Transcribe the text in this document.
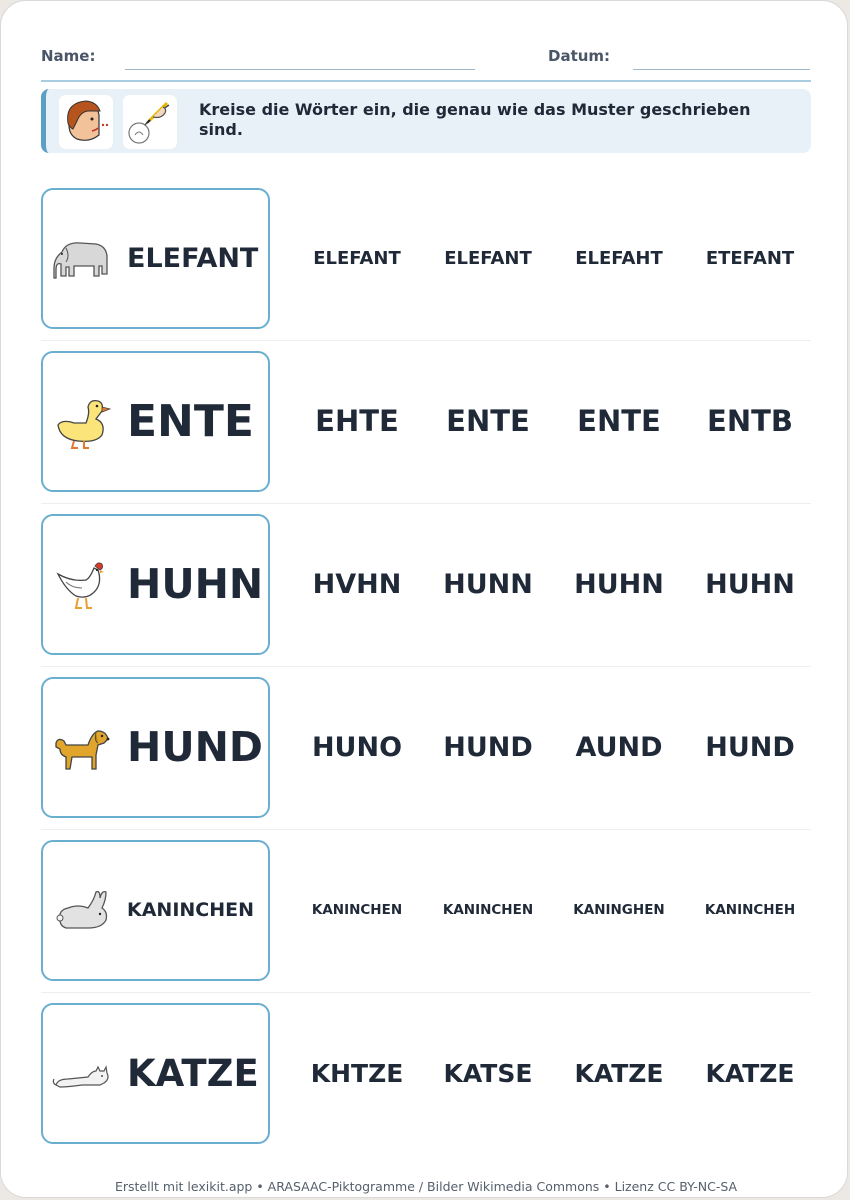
Name:	Datum:
Kreise die Wörter ein, die genau wie das Muster geschrieben sind.
ELEFANT	ELEFANT	ELEFANT	ELEFAHT	ETEFANT
ENTE	EHTE	ENTE	ENTE	ENTB
HUHN	HVHN	HUNN	HUHN	HUHN
HUND	HUNO	HUND	AUND	HUND
KANINCHEN	KANINCHEN	KANINCHEN	KANINGHEN	KANINCHEH
KATZE	KHTZE	KATSE	KATZE	KATZE
Erstellt mit lexikit.app • ARASAAC-Piktogramme / Bilder Wikimedia Commons • Lizenz CC BY-NC-SA
